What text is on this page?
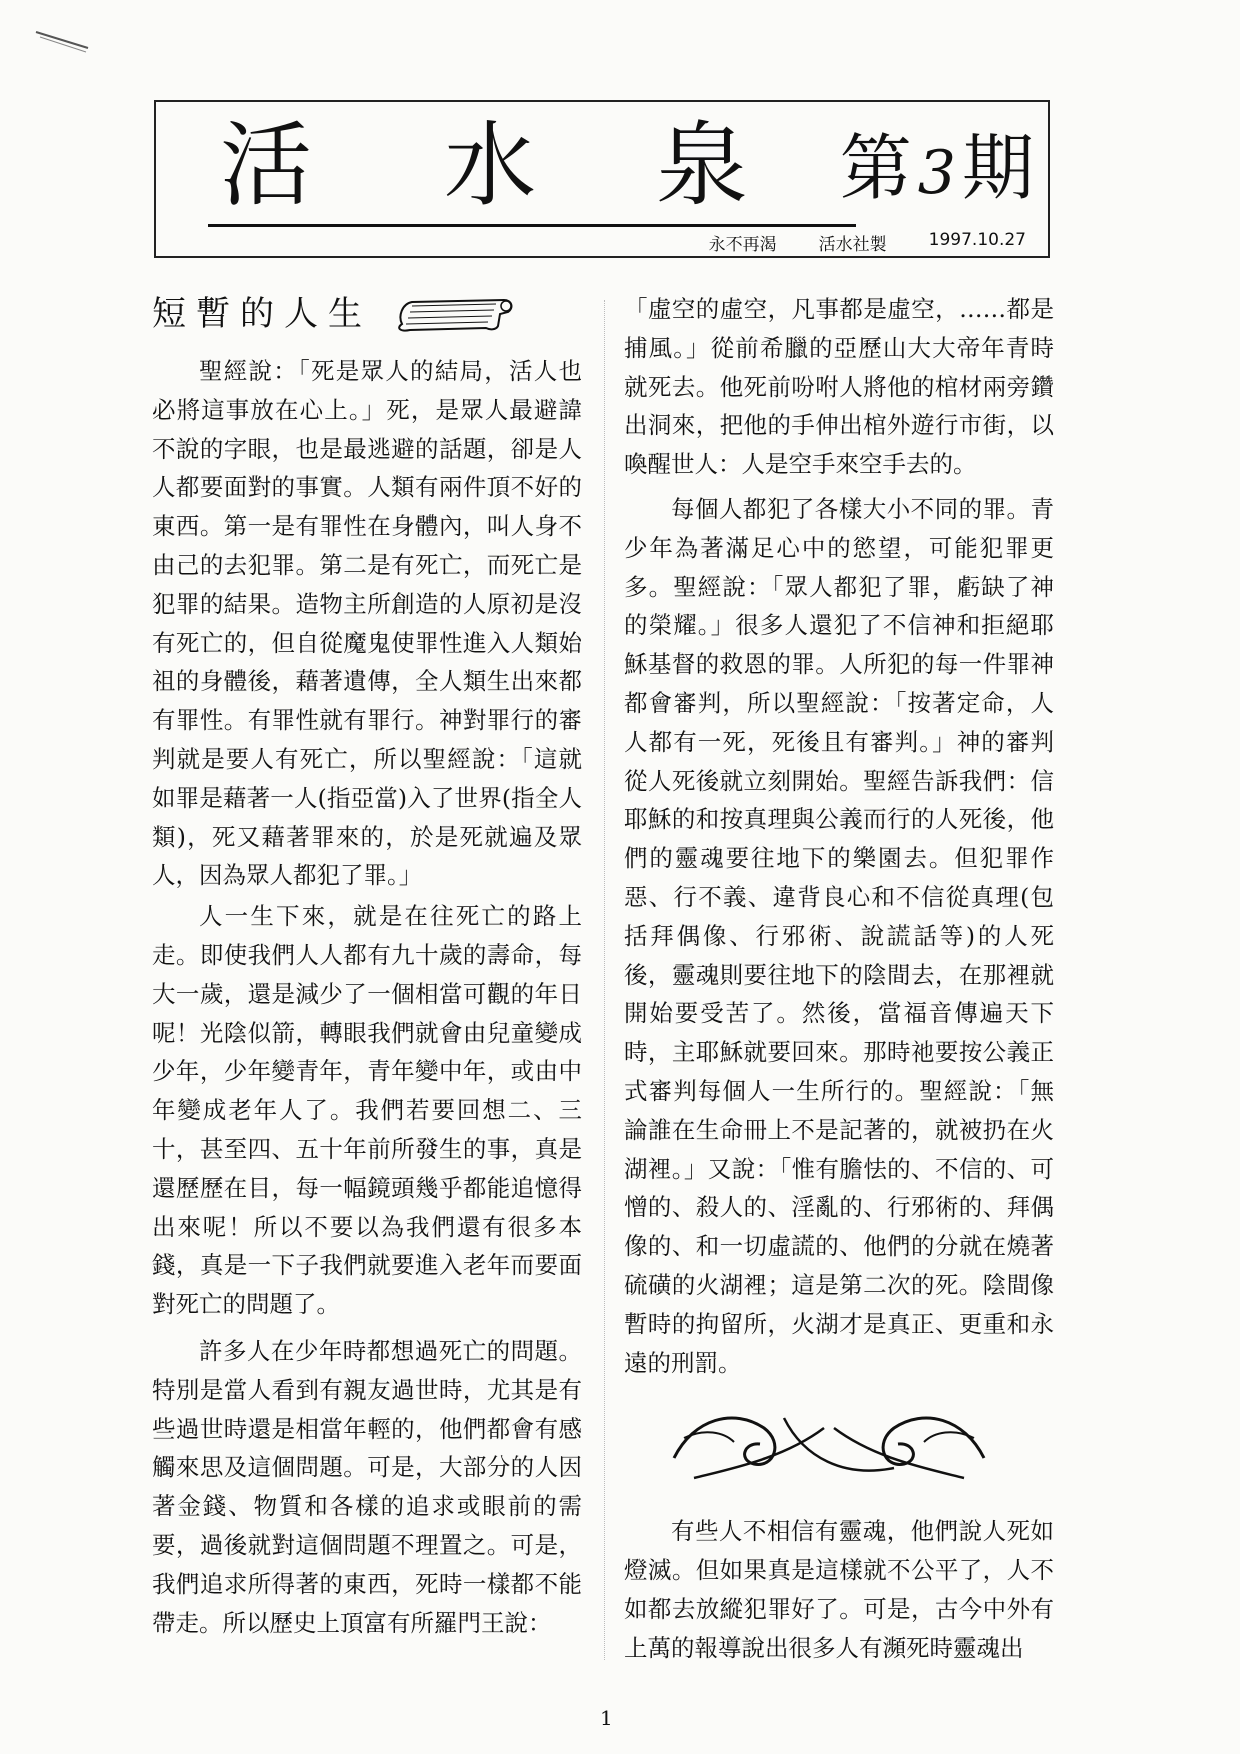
活 水 泉 第 3 期
永不再渴 活水社製 1997.10.27
短暫的人生

聖經說：「死是眾人的結局，活人也必將這事放在心上。」死，是眾人最避諱不說的字眼，也是最逃避的話題，卻是人人都要面對的事實。人類有兩件頂不好的東西。第一是有罪性在身體內，叫人身不由己的去犯罪。第二是有死亡，而死亡是犯罪的結果。造物主所創造的人原初是沒有死亡的，但自從魔鬼使罪性進入人類始祖的身體後，藉著遺傳，全人類生出來都有罪性。有罪性就有罪行。神對罪行的審判就是要人有死亡，所以聖經說：「這就如罪是藉著一人(指亞當)入了世界(指全人類)，死又藉著罪來的，於是死就遍及眾人，因為眾人都犯了罪。」

人一生下來，就是在往死亡的路上走。即使我們人人都有九十歲的壽命，每大一歲，還是減少了一個相當可觀的年日呢！光陰似箭，轉眼我們就會由兒童變成少年，少年變青年，青年變中年，或由中年變成老年人了。我們若要回想二、三十，甚至四、五十年前所發生的事，真是還歷歷在目，每一幅鏡頭幾乎都能追憶得出來呢！所以不要以為我們還有很多本錢，真是一下子我們就要進入老年而要面對死亡的問題了。

許多人在少年時都想過死亡的問題。特別是當人看到有親友過世時，尤其是有些過世時還是相當年輕的，他們都會有感觸來思及這個問題。可是，大部分的人因著金錢、物質和各樣的追求或眼前的需要，過後就對這個問題不理置之。可是，我們追求所得著的東西，死時一樣都不能帶走。所以歷史上頂富有所羅門王說：

「虛空的虛空，凡事都是虛空，……都是捕風。」從前希臘的亞歷山大大帝年青時就死去。他死前吩咐人將他的棺材兩旁鑽出洞來，把他的手伸出棺外遊行市街，以喚醒世人：人是空手來空手去的。

每個人都犯了各樣大小不同的罪。青少年為著滿足心中的慾望，可能犯罪更多。聖經說：「眾人都犯了罪，虧缺了神的榮耀。」很多人還犯了不信神和拒絕耶穌基督的救恩的罪。人所犯的每一件罪神都會審判，所以聖經說：「按著定命，人人都有一死，死後且有審判。」神的審判從人死後就立刻開始。聖經告訴我們：信耶穌的和按真理與公義而行的人死後，他們的靈魂要往地下的樂園去。但犯罪作惡、行不義、違背良心和不信從真理(包括拜偶像、行邪術、說謊話等)的人死後，靈魂則要往地下的陰間去，在那裡就開始要受苦了。然後，當福音傳遍天下時，主耶穌就要回來。那時祂要按公義正式審判每個人一生所行的。聖經說：「無論誰在生命冊上不是記著的，就被扔在火湖裡。」又說：「惟有膽怯的、不信的、可憎的、殺人的、淫亂的、行邪術的、拜偶像的、和一切虛謊的、他們的分就在燒著硫磺的火湖裡；這是第二次的死。陰間像暫時的拘留所，火湖才是真正、更重和永遠的刑罰。

有些人不相信有靈魂，他們說人死如燈滅。但如果真是這樣就不公平了，人不如都去放縱犯罪好了。可是，古今中外有上萬的報導說出很多人有瀕死時靈魂出

1
